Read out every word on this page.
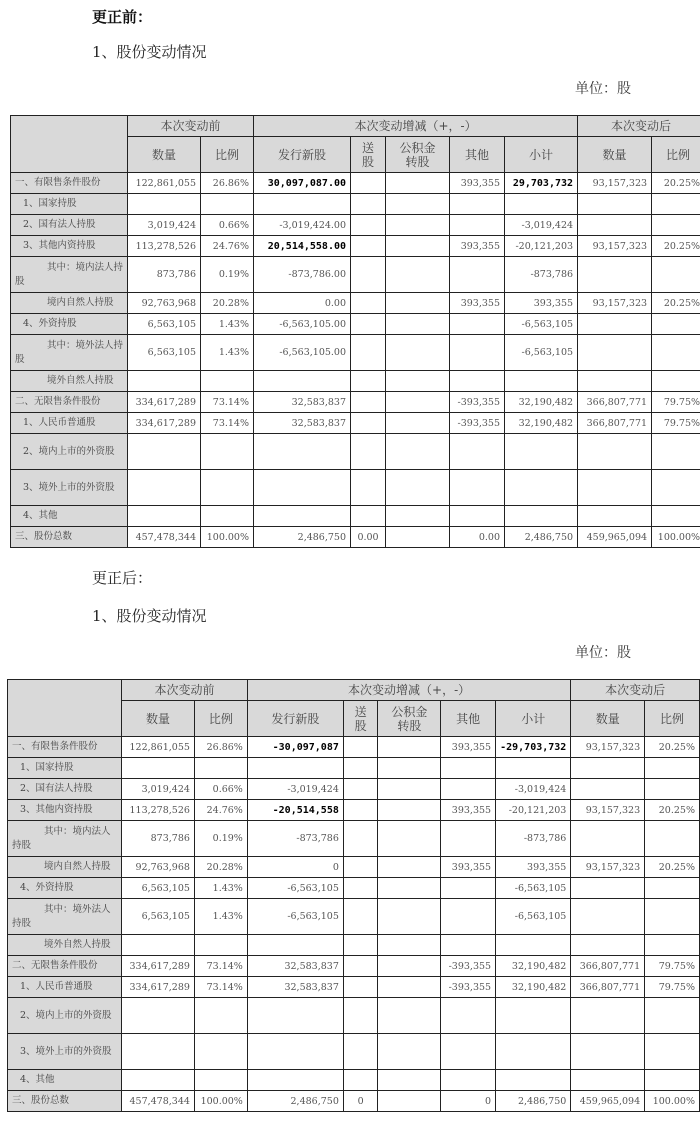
更正前：
1、股份变动情况
单位：股
	本次变动前		本次变动增减（+，-）					本次变动后	
	数量	比例	发行新股	送股	公积金转股	其他	小计	数量	比例
一、有限售条件股份	122,861,055	26.86%	30,097,087.00			393,355	29,703,732	93,157,323	20.25%
1、国家持股									
2、国有法人持股	3,019,424	0.66%	-3,019,424.00				-3,019,424		
3、其他内资持股	113,278,526	24.76%	20,514,558.00			393,355	-20,121,203	93,157,323	20.25%
其中：境内法人持股	873,786	0.19%	-873,786.00				-873,786		
境内自然人持股	92,763,968	20.28%	0.00			393,355	393,355	93,157,323	20.25%
4、外资持股	6,563,105	1.43%	-6,563,105.00				-6,563,105		
其中：境外法人持股	6,563,105	1.43%	-6,563,105.00				-6,563,105		
境外自然人持股									
二、无限售条件股份	334,617,289	73.14%	32,583,837			-393,355	32,190,482	366,807,771	79.75%
1、人民币普通股	334,617,289	73.14%	32,583,837			-393,355	32,190,482	366,807,771	79.75%
2、境内上市的外资股									
3、境外上市的外资股									
4、其他									
三、股份总数	457,478,344	100.00%	2,486,750	0.00		0.00	2,486,750	459,965,094	100.00%
更正后：
1、股份变动情况
单位：股
	本次变动前		本次变动增减（+，-）					本次变动后	
	数量	比例	发行新股	送股	公积金转股	其他	小计	数量	比例
一、有限售条件股份	122,861,055	26.86%	-30,097,087			393,355	-29,703,732	93,157,323	20.25%
1、国家持股									
2、国有法人持股	3,019,424	0.66%	-3,019,424				-3,019,424		
3、其他内资持股	113,278,526	24.76%	-20,514,558			393,355	-20,121,203	93,157,323	20.25%
其中：境内法人持股	873,786	0.19%	-873,786				-873,786		
境内自然人持股	92,763,968	20.28%	0			393,355	393,355	93,157,323	20.25%
4、外资持股	6,563,105	1.43%	-6,563,105				-6,563,105		
其中：境外法人持股	6,563,105	1.43%	-6,563,105				-6,563,105		
境外自然人持股									
二、无限售条件股份	334,617,289	73.14%	32,583,837			-393,355	32,190,482	366,807,771	79.75%
1、人民币普通股	334,617,289	73.14%	32,583,837			-393,355	32,190,482	366,807,771	79.75%
2、境内上市的外资股									
3、境外上市的外资股									
4、其他									
三、股份总数	457,478,344	100.00%	2,486,750	0		0	2,486,750	459,965,094	100.00%
